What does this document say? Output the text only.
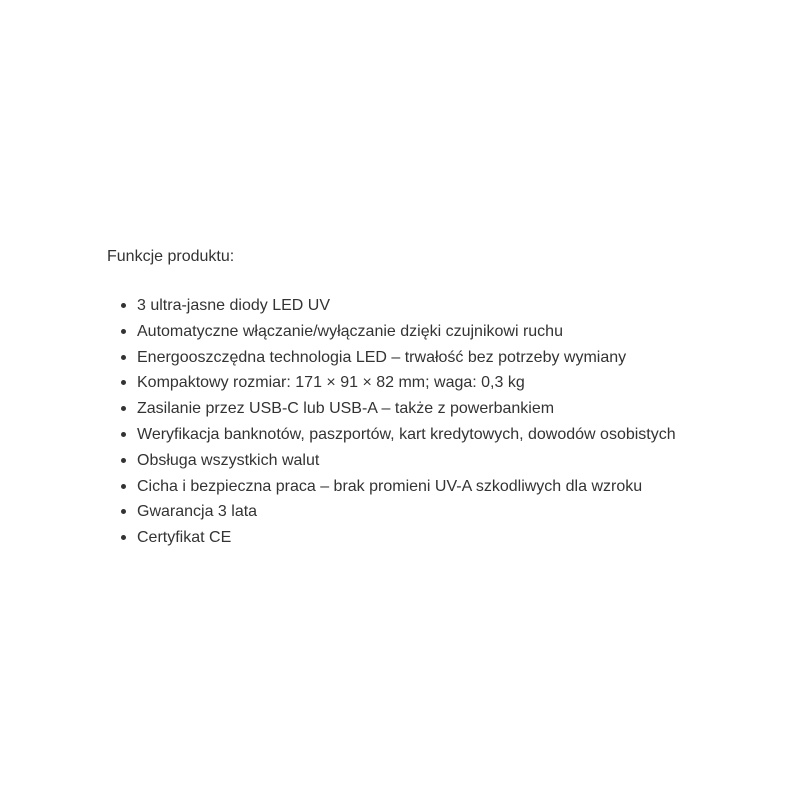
Funkcje produktu:

3 ultra-jasne diody LED UV
Automatyczne włączanie/wyłączanie dzięki czujnikowi ruchu
Energooszczędna technologia LED – trwałość bez potrzeby wymiany
Kompaktowy rozmiar: 171 × 91 × 82 mm; waga: 0,3 kg
Zasilanie przez USB-C lub USB-A – także z powerbankiem
Weryfikacja banknotów, paszportów, kart kredytowych, dowodów osobistych
Obsługa wszystkich walut
Cicha i bezpieczna praca – brak promieni UV-A szkodliwych dla wzroku
Gwarancja 3 lata
Certyfikat CE
